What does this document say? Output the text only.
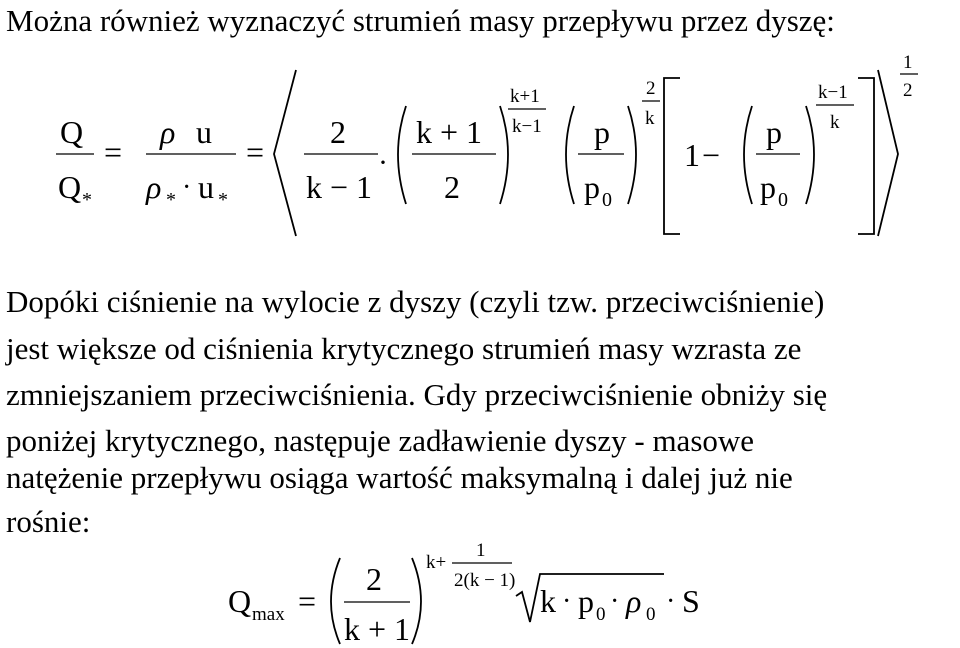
Można również wyznaczyć strumień masy przepływu przez dyszę:

Q
Q *
=
ρ u
ρ * · u *
=
2
k − 1
·
k + 1
2
k+1
k−1 p
p 0
2
k
1 −
p
p 0
k−1
k
1
2

Dopóki ciśnienie na wylocie z dyszy (czyli tzw. przeciwciśnienie)

jest większe od ciśnienia krytycznego strumień masy wzrasta ze

zmniejszaniem przeciwciśnienia. Gdy przeciwciśnienie obniży się

poniżej krytycznego, następuje zadławienie dyszy - masowe

natężenie przepływu osiąga wartość maksymalną i dalej już nie

rośnie:

Q max =
2
k + 1
k+
1
2(k − 1)
k · p 0 · ρ 0 · S
